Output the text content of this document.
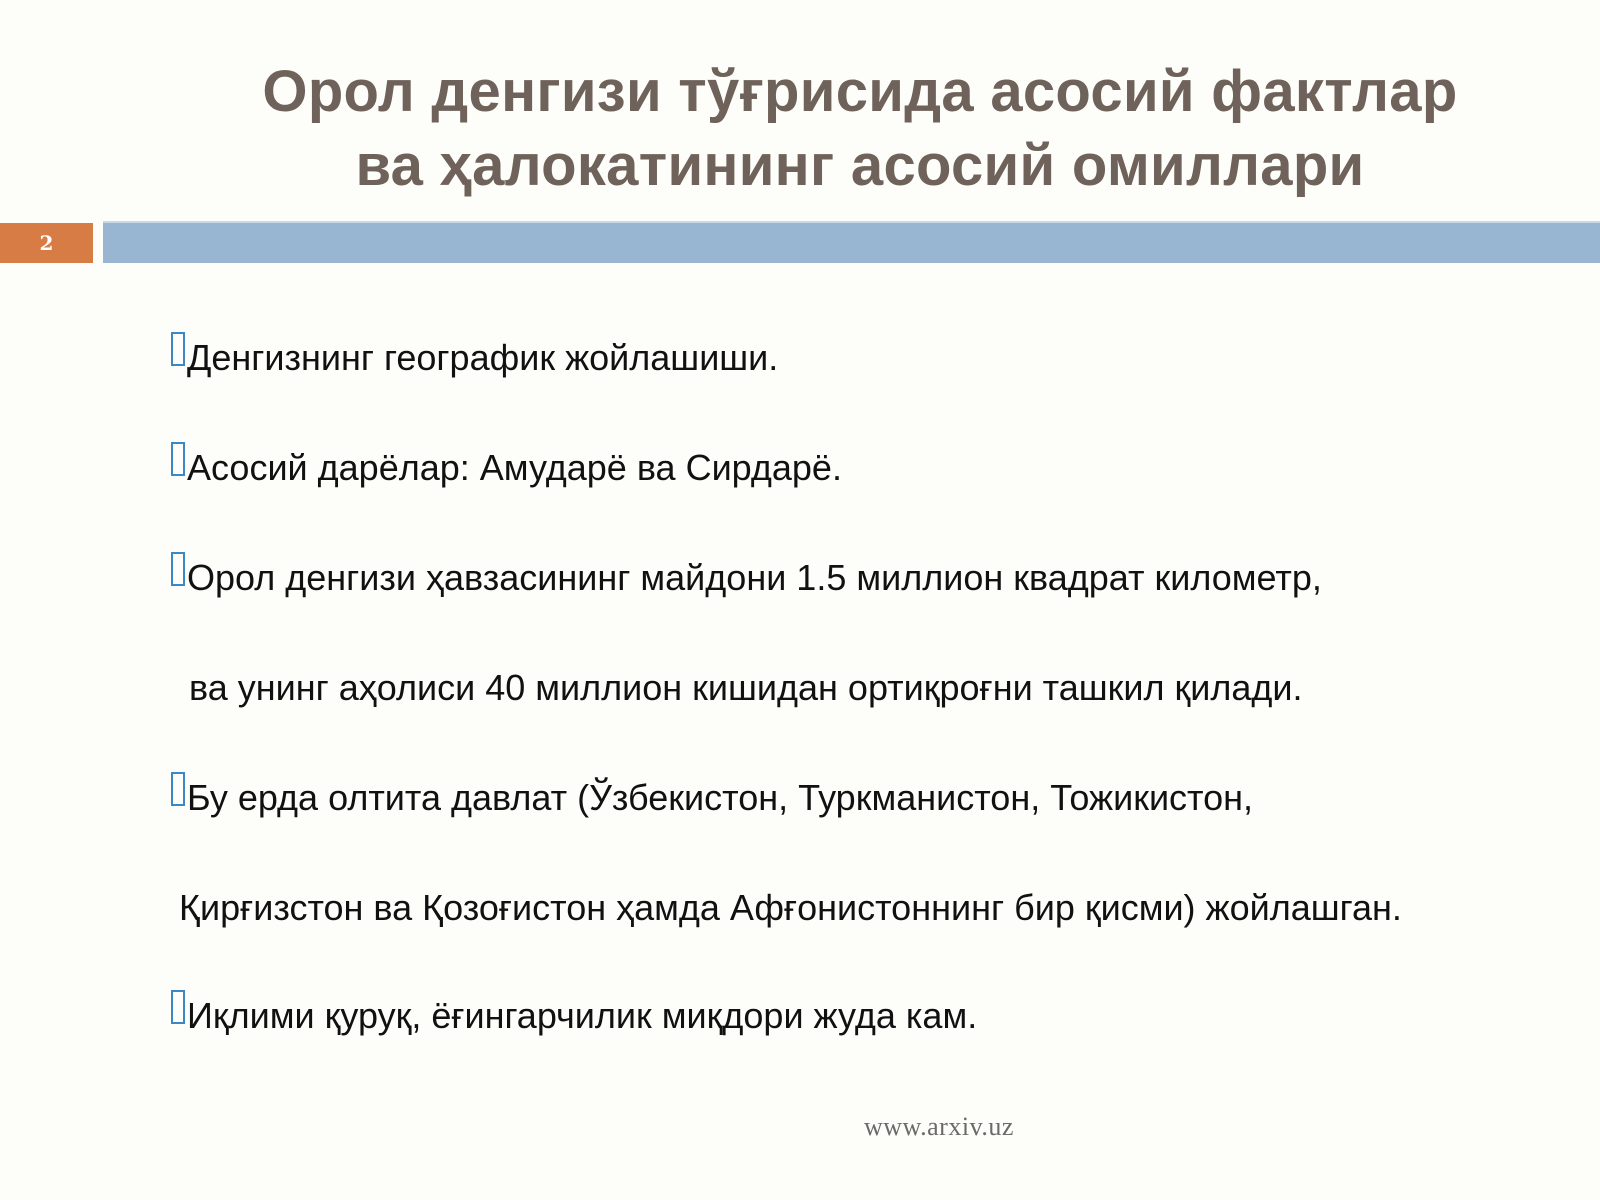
Орол денгизи тўғрисида асосий фактлар
ва ҳалокатининг асосий омиллари
2
Денгизнинг географик жойлашиши.
Асосий дарёлар: Амударё ва Сирдарё.
Орол денгизи ҳавзасининг майдони 1.5 миллион квадрат километр,
ва унинг аҳолиси 40 миллион кишидан ортиқроғни ташкил қилади.
Бу ерда олтита давлат (Ўзбекистон, Туркманистон, Тожикистон,
Қирғизстон ва Қозоғистон ҳамда Афғонистоннинг бир қисми) жойлашган.
Иқлими қуруқ, ёғингарчилик миқдори жуда кам.
www.arxiv.uz
